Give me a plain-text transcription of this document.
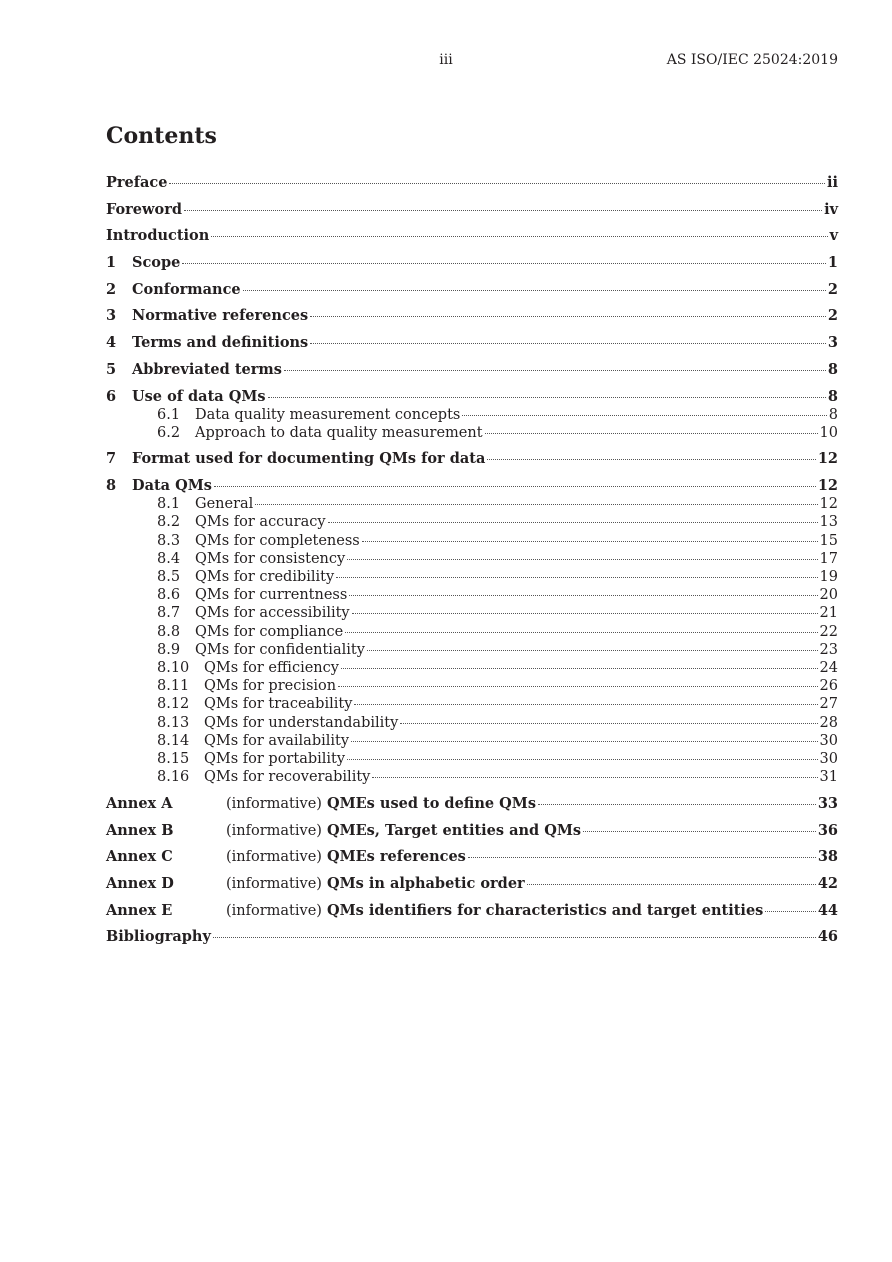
iii	AS ISO/IEC 25024:2019
Contents
Preface	ii
Foreword	iv
Introduction	v
1	Scope	1
2	Conformance	2
3	Normative references	2
4	Terms and definitions	3
5	Abbreviated terms	8
6	Use of data QMs	8
6.1	Data quality measurement concepts	8
6.2	Approach to data quality measurement	10
7	Format used for documenting QMs for data	12
8	Data QMs	12
8.1	General	12
8.2	QMs for accuracy	13
8.3	QMs for completeness	15
8.4	QMs for consistency	17
8.5	QMs for credibility	19
8.6	QMs for currentness	20
8.7	QMs for accessibility	21
8.8	QMs for compliance	22
8.9	QMs for confidentiality	23
8.10	QMs for efficiency	24
8.11	QMs for precision	26
8.12	QMs for traceability	27
8.13	QMs for understandability	28
8.14	QMs for availability	30
8.15	QMs for portability	30
8.16	QMs for recoverability	31
Annex A	(informative) QMEs used to define QMs	33
Annex B	(informative) QMEs, Target entities and QMs	36
Annex C	(informative) QMEs references	38
Annex D	(informative) QMs in alphabetic order	42
Annex E	(informative) QMs identifiers for characteristics and target entities	44
Bibliography	46
